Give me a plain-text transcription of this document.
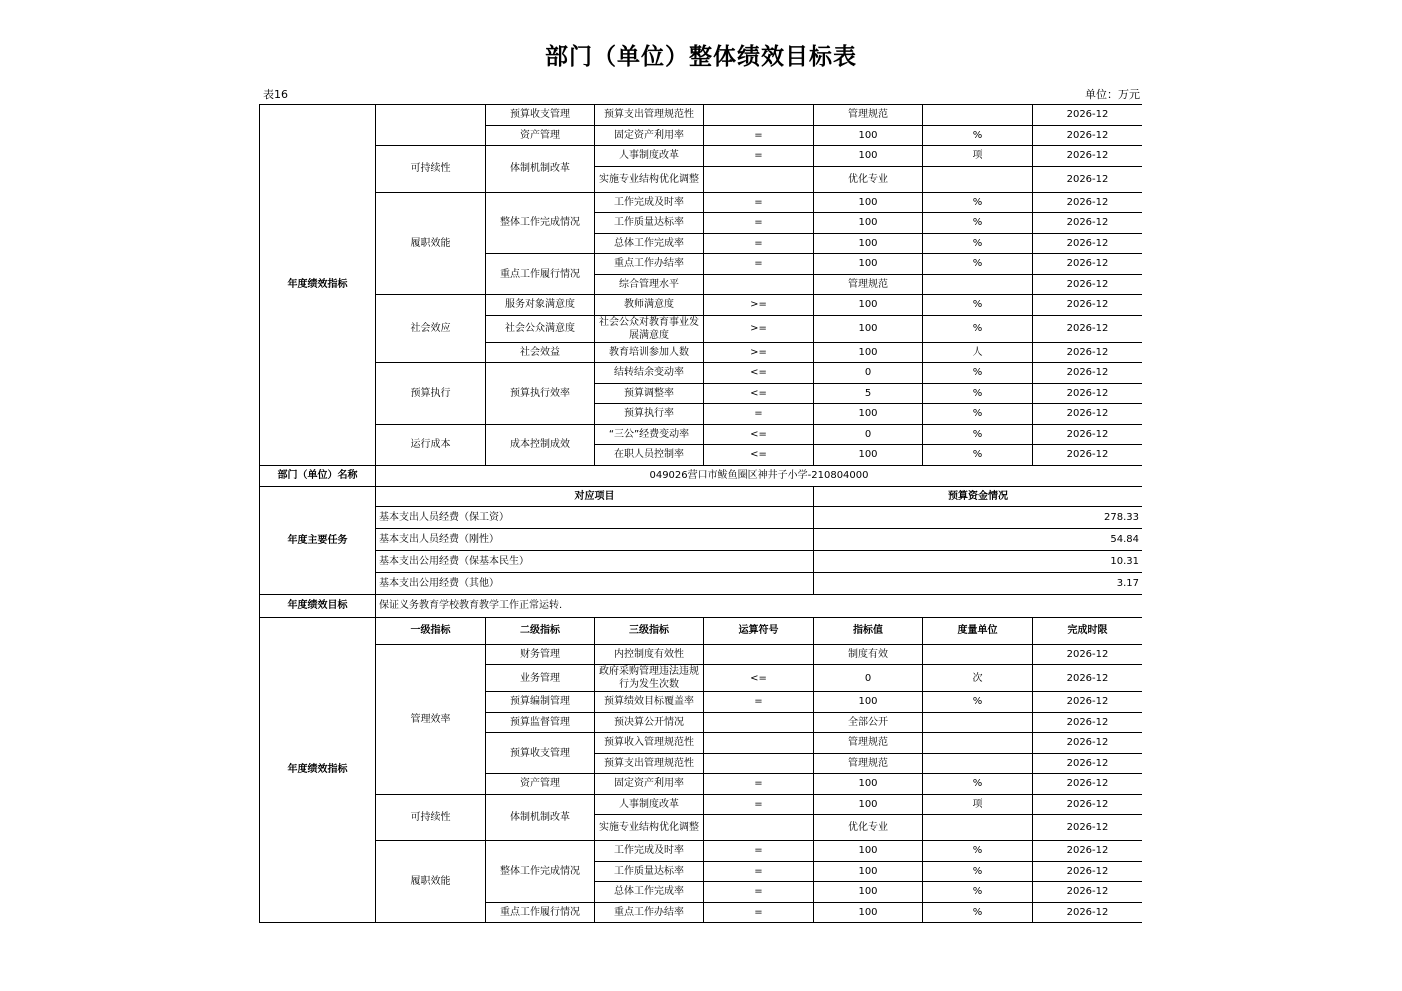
部门（单位）整体绩效目标表
表16	单位：万元
年度绩效指标		预算收支管理	预算支出管理规范性		管理规范		2026-12
		资产管理	固定资产利用率	=	100	%	2026-12
	可持续性	体制机制改革	人事制度改革	=	100	项	2026-12
			实施专业结构优化调整		优化专业		2026-12
	履职效能	整体工作完成情况	工作完成及时率	=	100	%	2026-12
			工作质量达标率	=	100	%	2026-12
			总体工作完成率	=	100	%	2026-12
		重点工作履行情况	重点工作办结率	=	100	%	2026-12
			综合管理水平		管理规范		2026-12
	社会效应	服务对象满意度	教师满意度	>=	100	%	2026-12
		社会公众满意度	社会公众对教育事业发展满意度	>=	100	%	2026-12
		社会效益	教育培训参加人数	>=	100	人	2026-12
	预算执行	预算执行效率	结转结余变动率	<=	0	%	2026-12
			预算调整率	<=	5	%	2026-12
			预算执行率	=	100	%	2026-12
	运行成本	成本控制成效	“三公”经费变动率	<=	0	%	2026-12
			在职人员控制率	<=	100	%	2026-12
部门（单位）名称	049026营口市鲅鱼圈区神井子小学-210804000						
年度主要任务	对应项目				预算资金情况		
	基本支出人员经费（保工资）				278.33		
	基本支出人员经费（刚性）				54.84		
	基本支出公用经费（保基本民生）				10.31		
	基本支出公用经费（其他）				3.17		
年度绩效目标	保证义务教育学校教育教学工作正常运转.						
年度绩效指标	一级指标	二级指标	三级指标	运算符号	指标值	度量单位	完成时限
	管理效率	财务管理	内控制度有效性		制度有效		2026-12
		业务管理	政府采购管理违法违规行为发生次数	<=	0	次	2026-12
		预算编制管理	预算绩效目标覆盖率	=	100	%	2026-12
		预算监督管理	预决算公开情况		全部公开		2026-12
		预算收支管理	预算收入管理规范性		管理规范		2026-12
			预算支出管理规范性		管理规范		2026-12
		资产管理	固定资产利用率	=	100	%	2026-12
	可持续性	体制机制改革	人事制度改革	=	100	项	2026-12
			实施专业结构优化调整		优化专业		2026-12
	履职效能	整体工作完成情况	工作完成及时率	=	100	%	2026-12
			工作质量达标率	=	100	%	2026-12
			总体工作完成率	=	100	%	2026-12
		重点工作履行情况	重点工作办结率	=	100	%	2026-12
